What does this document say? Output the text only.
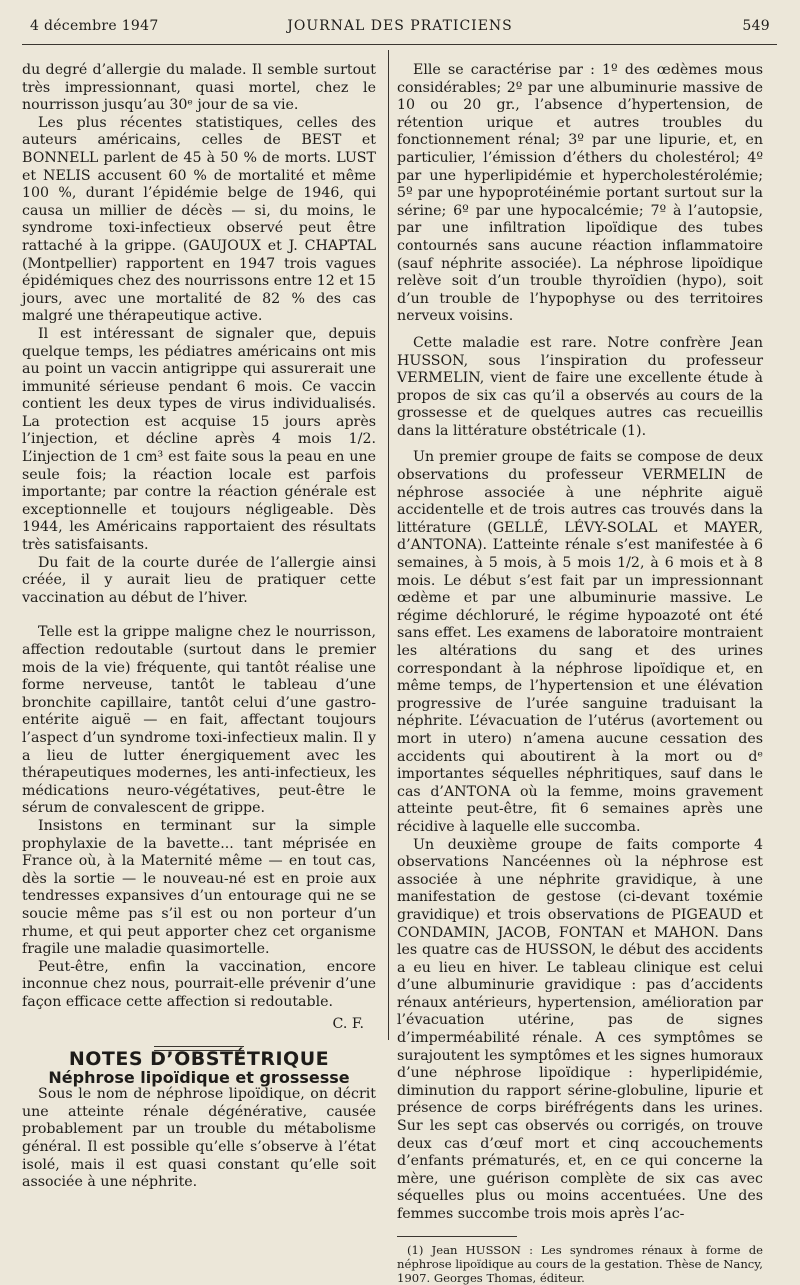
4 décembre 1947	JOURNAL DES PRATICIENS	549

du degré d’allergie du malade. Il semble surtout très impressionnant, quasi mortel, chez le nourrisson jusqu’au 30ᵉ jour de sa vie.

Les plus récentes statistiques, celles des auteurs américains, celles de BEST et BONNELL parlent de 45 à 50 % de morts. LUST et NELIS accusent 60 % de mortalité et même 100 %, durant l’épidémie belge de 1946, qui causa un millier de décès — si, du moins, le syndrome toxi-infectieux observé peut être rattaché à la grippe. (GAUJOUX et J. CHAPTAL (Montpellier) rapportent en 1947 trois vagues épidémiques chez des nourrissons entre 12 et 15 jours, avec une mortalité de 82 % des cas malgré une thérapeutique active.

Il est intéressant de signaler que, depuis quelque temps, les pédiatres américains ont mis au point un vaccin antigrippe qui assurerait une immunité sérieuse pendant 6 mois. Ce vaccin contient les deux types de virus individualisés. La protection est acquise 15 jours après l’injection, et décline après 4 mois 1/2. L’injection de 1 cm³ est faite sous la peau en une seule fois; la réaction locale est parfois importante; par contre la réaction générale est exceptionnelle et toujours négligeable. Dès 1944, les Américains rapportaient des résultats très satisfaisants.

Du fait de la courte durée de l’allergie ainsi créée, il y aurait lieu de pratiquer cette vaccination au début de l’hiver.

Telle est la grippe maligne chez le nourrisson, affection redoutable (surtout dans le premier mois de la vie) fréquente, qui tantôt réalise une forme nerveuse, tantôt le tableau d’une bronchite capillaire, tantôt celui d’une gastro-entérite aiguë — en fait, affectant toujours l’aspect d’un syndrome toxi-infectieux malin. Il y a lieu de lutter énergiquement avec les thérapeutiques modernes, les anti-infectieux, les médications neuro-végétatives, peut-être le sérum de convalescent de grippe.

Insistons en terminant sur la simple prophylaxie de la bavette... tant méprisée en France où, à la Maternité même — en tout cas, dès la sortie — le nouveau-né est en proie aux tendresses expansives d’un entourage qui ne se soucie même pas s’il est ou non porteur d’un rhume, et qui peut apporter chez cet organisme fragile une maladie quasimortelle.

Peut-être, enfin la vaccination, encore inconnue chez nous, pourrait-elle prévenir d’une façon efficace cette affection si redoutable.

C. F.

NOTES D’OBSTÉTRIQUE

Néphrose lipoïdique et grossesse

Sous le nom de néphrose lipoïdique, on décrit une atteinte rénale dégénérative, causée probablement par un trouble du métabolisme général. Il est possible qu’elle s’observe à l’état isolé, mais il est quasi constant qu’elle soit associée à une néphrite.

Elle se caractérise par : 1º des œdèmes mous considérables; 2º par une albuminurie massive de 10 ou 20 gr., l’absence d’hypertension, de rétention urique et autres troubles du fonctionnement rénal; 3º par une lipurie, et, en particulier, l’émission d’éthers du cholestérol; 4º par une hyperlipidémie et hypercholestérolémie; 5º par une hypoprotéinémie portant surtout sur la sérine; 6º par une hypocalcémie; 7º à l’autopsie, par une infiltration lipoïdique des tubes contournés sans aucune réaction inflammatoire (sauf néphrite associée). La néphrose lipoïdique relève soit d’un trouble thyroïdien (hypo), soit d’un trouble de l’hypophyse ou des territoires nerveux voisins.

Cette maladie est rare. Notre confrère Jean HUSSON, sous l’inspiration du professeur VERMELIN, vient de faire une excellente étude à propos de six cas qu’il a observés au cours de la grossesse et de quelques autres cas recueillis dans la littérature obstétricale (1).

Un premier groupe de faits se compose de deux observations du professeur VERMELIN de néphrose associée à une néphrite aiguë accidentelle et de trois autres cas trouvés dans la littérature (GELLÉ, LÉVY-SOLAL et MAYER, d’ANTONA). L’atteinte rénale s’est manifestée à 6 semaines, à 5 mois, à 5 mois 1/2, à 6 mois et à 8 mois. Le début s’est fait par un impressionnant œdème et par une albuminurie massive. Le régime déchloruré, le régime hypoazoté ont été sans effet. Les examens de laboratoire montraient les altérations du sang et des urines correspondant à la néphrose lipoïdique et, en même temps, de l’hypertension et une élévation progressive de l’urée sanguine traduisant la néphrite. L’évacuation de l’utérus (avortement ou mort in utero) n’amena aucune cessation des accidents qui aboutirent à la mort ou dᵉ importantes séquelles néphritiques, sauf dans le cas d’ANTONA où la femme, moins gravement atteinte peut-être, fit 6 semaines après une récidive à laquelle elle succomba.

Un deuxième groupe de faits comporte 4 observations Nancéennes où la néphrose est associée à une néphrite gravidique, à une manifestation de gestose (ci-devant toxémie gravidique) et trois observations de PIGEAUD et CONDAMIN, JACOB, FONTAN et MAHON. Dans les quatre cas de HUSSON, le début des accidents a eu lieu en hiver. Le tableau clinique est celui d’une albuminurie gravidique : pas d’accidents rénaux antérieurs, hypertension, amélioration par l’évacuation utérine, pas de signes d’imperméabilité rénale. A ces symptômes se surajoutent les symptômes et les signes humoraux d’une néphrose lipoïdique : hyperlipidémie, diminution du rapport sérine-globuline, lipurie et présence de corps biréfrégents dans les urines. Sur les sept cas observés ou corrigés, on trouve deux cas d’œuf mort et cinq accouchements d’enfants prématurés, et, en ce qui concerne la mère, une guérison complète de six cas avec séquelles plus ou moins accentuées. Une des femmes succombe trois mois après l’ac-

(1) Jean HUSSON : Les syndromes rénaux à forme de néphrose lipoïdique au cours de la gestation. Thèse de Nancy, 1907. Georges Thomas, éditeur.
